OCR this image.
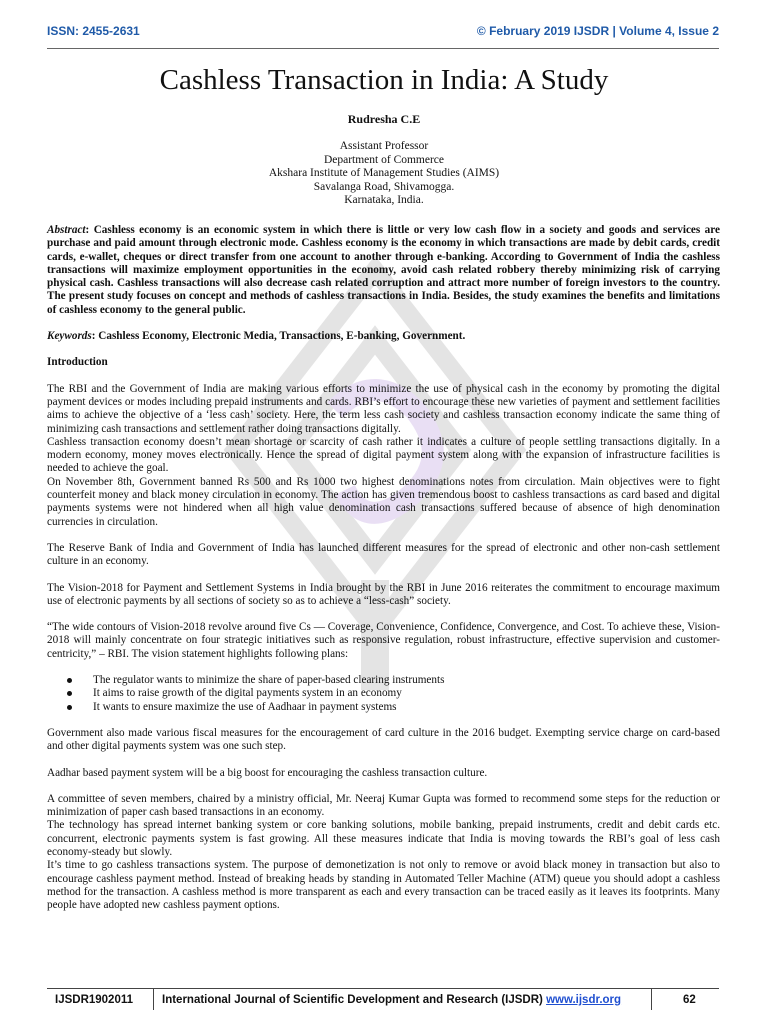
ISSN: 2455-2631	© February 2019 IJSDR | Volume 4, Issue 2
Cashless Transaction in India: A Study
Rudresha C.E
Assistant Professor
Department of Commerce
Akshara Institute of Management Studies (AIMS)
Savalanga Road, Shivamogga.
Karnataka, India.

Abstract: Cashless economy is an economic system in which there is little or very low cash flow in a society and goods and services are purchase and paid amount through electronic mode. Cashless economy is the economy in which transactions are made by debit cards, credit cards, e-wallet, cheques or direct transfer from one account to another through e-banking. According to Government of India the cashless transactions will maximize employment opportunities in the economy, avoid cash related robbery thereby minimizing risk of carrying physical cash. Cashless transactions will also decrease cash related corruption and attract more number of foreign investors to the country. The present study focuses on concept and methods of cashless transactions in India. Besides, the study examines the benefits and limitations of cashless economy to the general public.

Keywords: Cashless Economy, Electronic Media, Transactions, E-banking, Government.

Introduction

The RBI and the Government of India are making various efforts to minimize the use of physical cash in the economy by promoting the digital payment devices or modes including prepaid instruments and cards. RBI’s effort to encourage these new varieties of payment and settlement facilities aims to achieve the objective of a ‘less cash’ society. Here, the term less cash society and cashless transaction economy indicate the same thing of minimizing cash transactions and settlement rather doing transactions digitally.

Cashless transaction economy doesn’t mean shortage or scarcity of cash rather it indicates a culture of people settling transactions digitally. In a modern economy, money moves electronically. Hence the spread of digital payment system along with the expansion of infrastructure facilities is needed to achieve the goal.

On November 8th, Government banned Rs 500 and Rs 1000 two highest denominations notes from circulation. Main objectives were to fight counterfeit money and black money circulation in economy. The action has given tremendous boost to cashless transactions as card based and digital payments systems were not hindered when all high value denomination cash transactions suffered because of absence of high denomination currencies in circulation.

The Reserve Bank of India and Government of India has launched different measures for the spread of electronic and other non-cash settlement culture in an economy.

The Vision-2018 for Payment and Settlement Systems in India brought by the RBI in June 2016 reiterates the commitment to encourage maximum use of electronic payments by all sections of society so as to achieve a “less-cash” society.

“The wide contours of Vision-2018 revolve around five Cs — Coverage, Convenience, Confidence, Convergence, and Cost. To achieve these, Vision-2018 will mainly concentrate on four strategic initiatives such as responsive regulation, robust infrastructure, effective supervision and customer-centricity,” – RBI. The vision statement highlights following plans:

The regulator wants to minimize the share of paper-based clearing instruments
It aims to raise growth of the digital payments system in an economy
It wants to ensure maximize the use of Aadhaar in payment systems

Government also made various fiscal measures for the encouragement of card culture in the 2016 budget. Exempting service charge on card-based and other digital payments system was one such step.

Aadhar based payment system will be a big boost for encouraging the cashless transaction culture.

A committee of seven members, chaired by a ministry official, Mr. Neeraj Kumar Gupta was formed to recommend some steps for the reduction or minimization of paper cash based transactions in an economy.

The technology has spread internet banking system or core banking solutions, mobile banking, prepaid instruments, credit and debit cards etc. concurrent, electronic payments system is fast growing. All these measures indicate that India is moving towards the RBI’s goal of less cash economy-steady but slowly.

It’s time to go cashless transactions system. The purpose of demonetization is not only to remove or avoid black money in transaction but also to encourage cashless payment method. Instead of breaking heads by standing in Automated Teller Machine (ATM) queue you should adopt a cashless method for the transaction. A cashless method is more transparent as each and every transaction can be traced easily as it leaves its footprints. Many people have adopted new cashless payment options.

IJSDR1902011	International Journal of Scientific Development and Research (IJSDR) www.ijsdr.org	62
